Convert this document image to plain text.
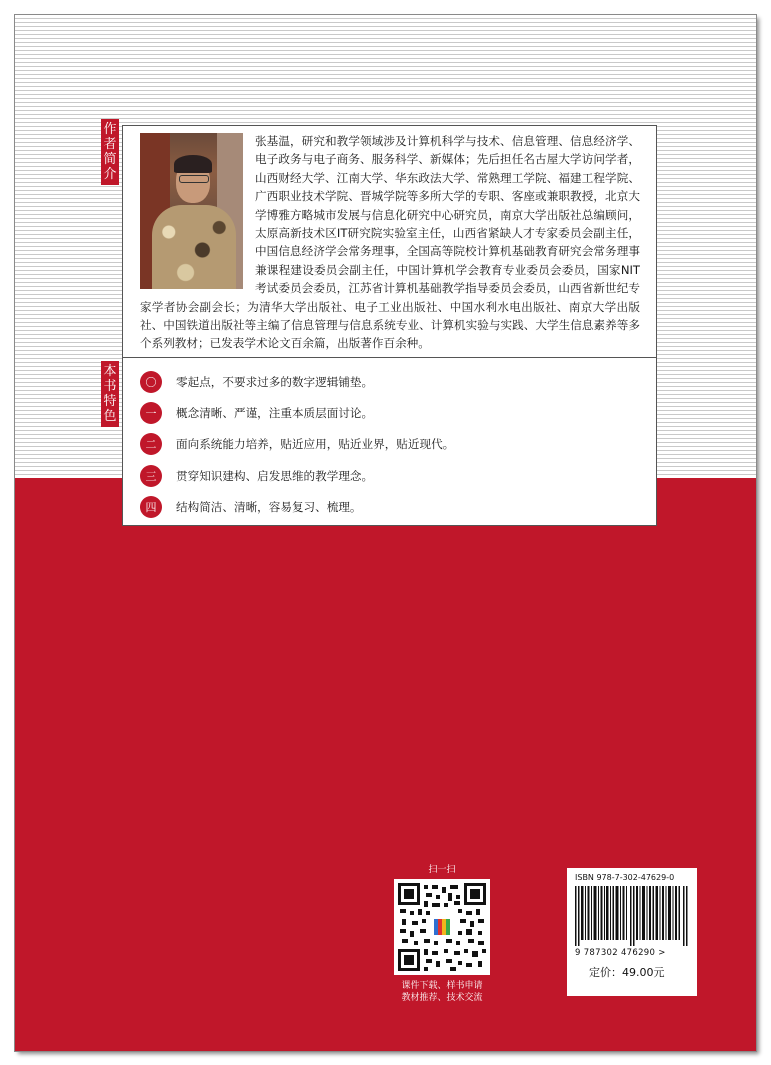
作
者
简
介
张基温，研究和教学领域涉及计算机科学与技术、信息管理、信息经济学、电子政务与电子商务、服务科学、新媒体；先后担任名古屋大学访问学者，山西财经大学、江南大学、华东政法大学、常熟理工学院、福建工程学院、广西职业技术学院、晋城学院等多所大学的专职、客座或兼职教授，北京大学博雅方略城市发展与信息化研究中心研究员，南京大学出版社总编顾问，太原高新技术区IT研究院实验室主任，山西省紧缺人才专家委员会副主任，中国信息经济学会常务理事，全国高等院校计算机基础教育研究会常务理事兼课程建设委员会副主任，中国计算机学会教育专业委员会委员，国家NIT考试委员会委员，江苏省计算机基础教学指导委员会委员，山西省新世纪专家学者协会副会长；为清华大学出版社、电子工业出版社、中国水利水电出版社、南京大学出版社、中国铁道出版社等主编了信息管理与信息系统专业、计算机实验与实践、大学生信息素养等多个系列教材；已发表学术论文百余篇，出版著作百余种。
本
书
特
色
〇	零起点，不要求过多的数字逻辑铺垫。
一	概念清晰、严谨，注重本质层面讨论。
二	面向系统能力培养，贴近应用，贴近业界，贴近现代。
三	贯穿知识建构、启发思维的教学理念。
四	结构简洁、清晰，容易复习、梳理。
扫一扫
课件下载、样书申请
教材推荐、技术交流
ISBN 978-7-302-47629-0
9 787302 476290 >
定价：49.00元
